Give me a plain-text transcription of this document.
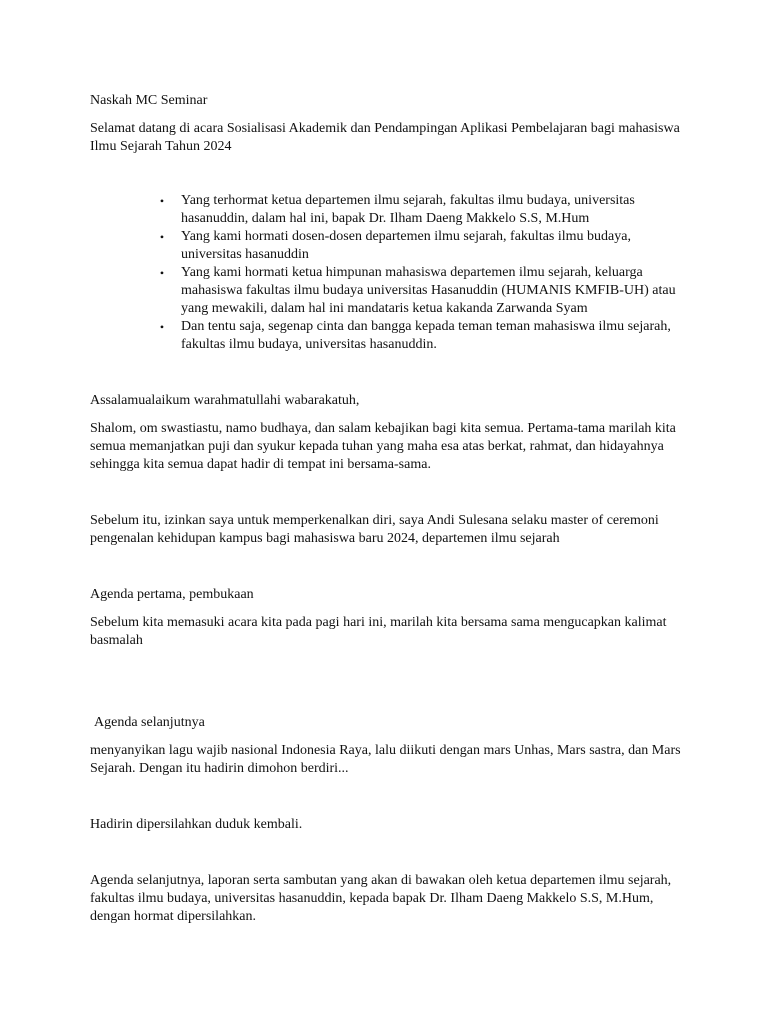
Naskah MC Seminar

Selamat datang di acara Sosialisasi Akademik dan Pendampingan Aplikasi Pembelajaran bagi mahasiswa Ilmu Sejarah Tahun 2024

• Yang terhormat ketua departemen ilmu sejarah, fakultas ilmu budaya, universitas hasanuddin, dalam hal ini, bapak Dr. Ilham Daeng Makkelo S.S, M.Hum
• Yang kami hormati dosen-dosen departemen ilmu sejarah, fakultas ilmu budaya, universitas hasanuddin
• Yang kami hormati ketua himpunan mahasiswa departemen ilmu sejarah, keluarga mahasiswa fakultas ilmu budaya universitas Hasanuddin (HUMANIS KMFIB-UH) atau yang mewakili, dalam hal ini mandataris ketua kakanda Zarwanda Syam
• Dan tentu saja, segenap cinta dan bangga kepada teman teman mahasiswa ilmu sejarah, fakultas ilmu budaya, universitas hasanuddin.

Assalamualaikum warahmatullahi wabarakatuh,

Shalom, om swastiastu, namo budhaya, dan salam kebajikan bagi kita semua. Pertama-tama marilah kita semua memanjatkan puji dan syukur kepada tuhan yang maha esa atas berkat, rahmat, dan hidayahnya sehingga kita semua dapat hadir di tempat ini bersama-sama.

Sebelum itu, izinkan saya untuk memperkenalkan diri, saya Andi Sulesana selaku master of ceremoni pengenalan kehidupan kampus bagi mahasiswa baru 2024, departemen ilmu sejarah

Agenda pertama, pembukaan

Sebelum kita memasuki acara kita pada pagi hari ini, marilah kita bersama sama mengucapkan kalimat basmalah

Agenda selanjutnya

menyanyikan lagu wajib nasional Indonesia Raya, lalu diikuti dengan mars Unhas, Mars sastra, dan Mars Sejarah. Dengan itu hadirin dimohon berdiri...

Hadirin dipersilahkan duduk kembali.

Agenda selanjutnya, laporan serta sambutan yang akan di bawakan oleh ketua departemen ilmu sejarah, fakultas ilmu budaya, universitas hasanuddin, kepada bapak Dr. Ilham Daeng Makkelo S.S, M.Hum, dengan hormat dipersilahkan.
